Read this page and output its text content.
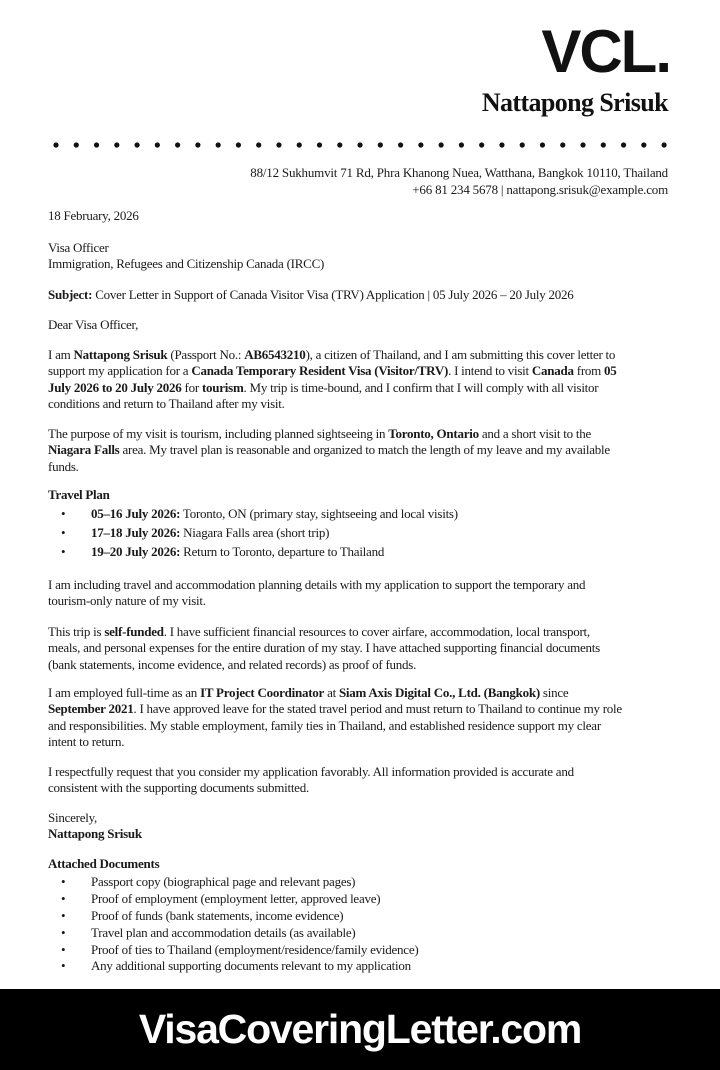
VCL.
Nattapong Srisuk
88/12 Sukhumvit 71 Rd, Phra Khanong Nuea, Watthana, Bangkok 10110, Thailand
+66 81 234 5678 | nattapong.srisuk@example.com
18 February, 2026
Visa Officer
Immigration, Refugees and Citizenship Canada (IRCC)
Subject: Cover Letter in Support of Canada Visitor Visa (TRV) Application | 05 July 2026 – 20 July 2026
Dear Visa Officer,
I am Nattapong Srisuk (Passport No.: AB6543210), a citizen of Thailand, and I am submitting this cover letter to
support my application for a Canada Temporary Resident Visa (Visitor/TRV). I intend to visit Canada from 05
July 2026 to 20 July 2026 for tourism. My trip is time-bound, and I confirm that I will comply with all visitor
conditions and return to Thailand after my visit.
The purpose of my visit is tourism, including planned sightseeing in Toronto, Ontario and a short visit to the
Niagara Falls area. My travel plan is reasonable and organized to match the length of my leave and my available
funds.
Travel Plan
• 05–16 July 2026: Toronto, ON (primary stay, sightseeing and local visits)
• 17–18 July 2026: Niagara Falls area (short trip)
• 19–20 July 2026: Return to Toronto, departure to Thailand
I am including travel and accommodation planning details with my application to support the temporary and
tourism-only nature of my visit.
This trip is self-funded. I have sufficient financial resources to cover airfare, accommodation, local transport,
meals, and personal expenses for the entire duration of my stay. I have attached supporting financial documents
(bank statements, income evidence, and related records) as proof of funds.
I am employed full-time as an IT Project Coordinator at Siam Axis Digital Co., Ltd. (Bangkok) since
September 2021. I have approved leave for the stated travel period and must return to Thailand to continue my role
and responsibilities. My stable employment, family ties in Thailand, and established residence support my clear
intent to return.
I respectfully request that you consider my application favorably. All information provided is accurate and
consistent with the supporting documents submitted.
Sincerely,
Nattapong Srisuk
Attached Documents
• Passport copy (biographical page and relevant pages)
• Proof of employment (employment letter, approved leave)
• Proof of funds (bank statements, income evidence)
• Travel plan and accommodation details (as available)
• Proof of ties to Thailand (employment/residence/family evidence)
• Any additional supporting documents relevant to my application
VisaCoveringLetter.com
